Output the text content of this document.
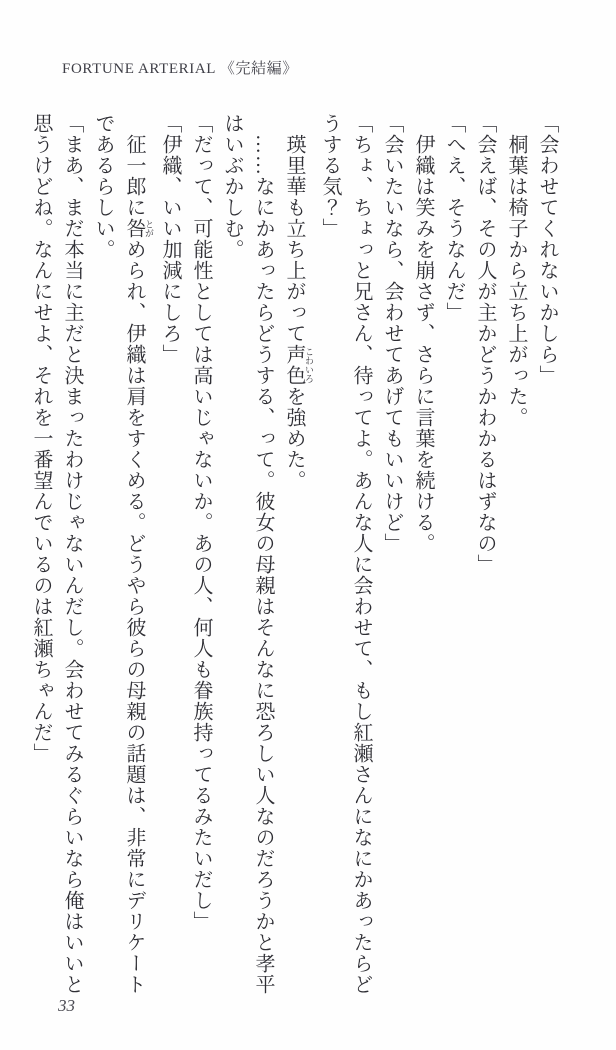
FORTUNE ARTERIAL 《完結編》
「会わせてくれないかしら」
　桐葉は椅子から立ち上がった。
「会えば、その人が主かどうかわかるはずなの」
「へえ、そうなんだ」
　伊織は笑みを崩さず、さらに言葉を続ける。
「会いたいなら、会わせてあげてもいいけど」
「ちょ、ちょっと兄さん、待ってよ。あんな人に会わせて、もし紅瀬さんになにかあったらど
うする気？」
　瑛里華も立ち上がって声色 こわいろを強めた。
　……なにかあったらどうする、って。彼女の母親はそんなに恐ろしい人なのだろうかと孝平
はいぶかしむ。
「だって、可能性としては高いじゃないか。あの人、何人も眷族持ってるみたいだし」
「伊織、いい加減にしろ」
　征一郎に咎 とがめられ、伊織は肩をすくめる。どうやら彼らの母親の話題は、非常にデリケート
であるらしい。
「まあ、まだ本当に主だと決まったわけじゃないんだし。会わせてみるぐらいなら俺はいいと
思うけどね。なんにせよ、それを一番望んでいるのは紅瀬ちゃんだ」
33
